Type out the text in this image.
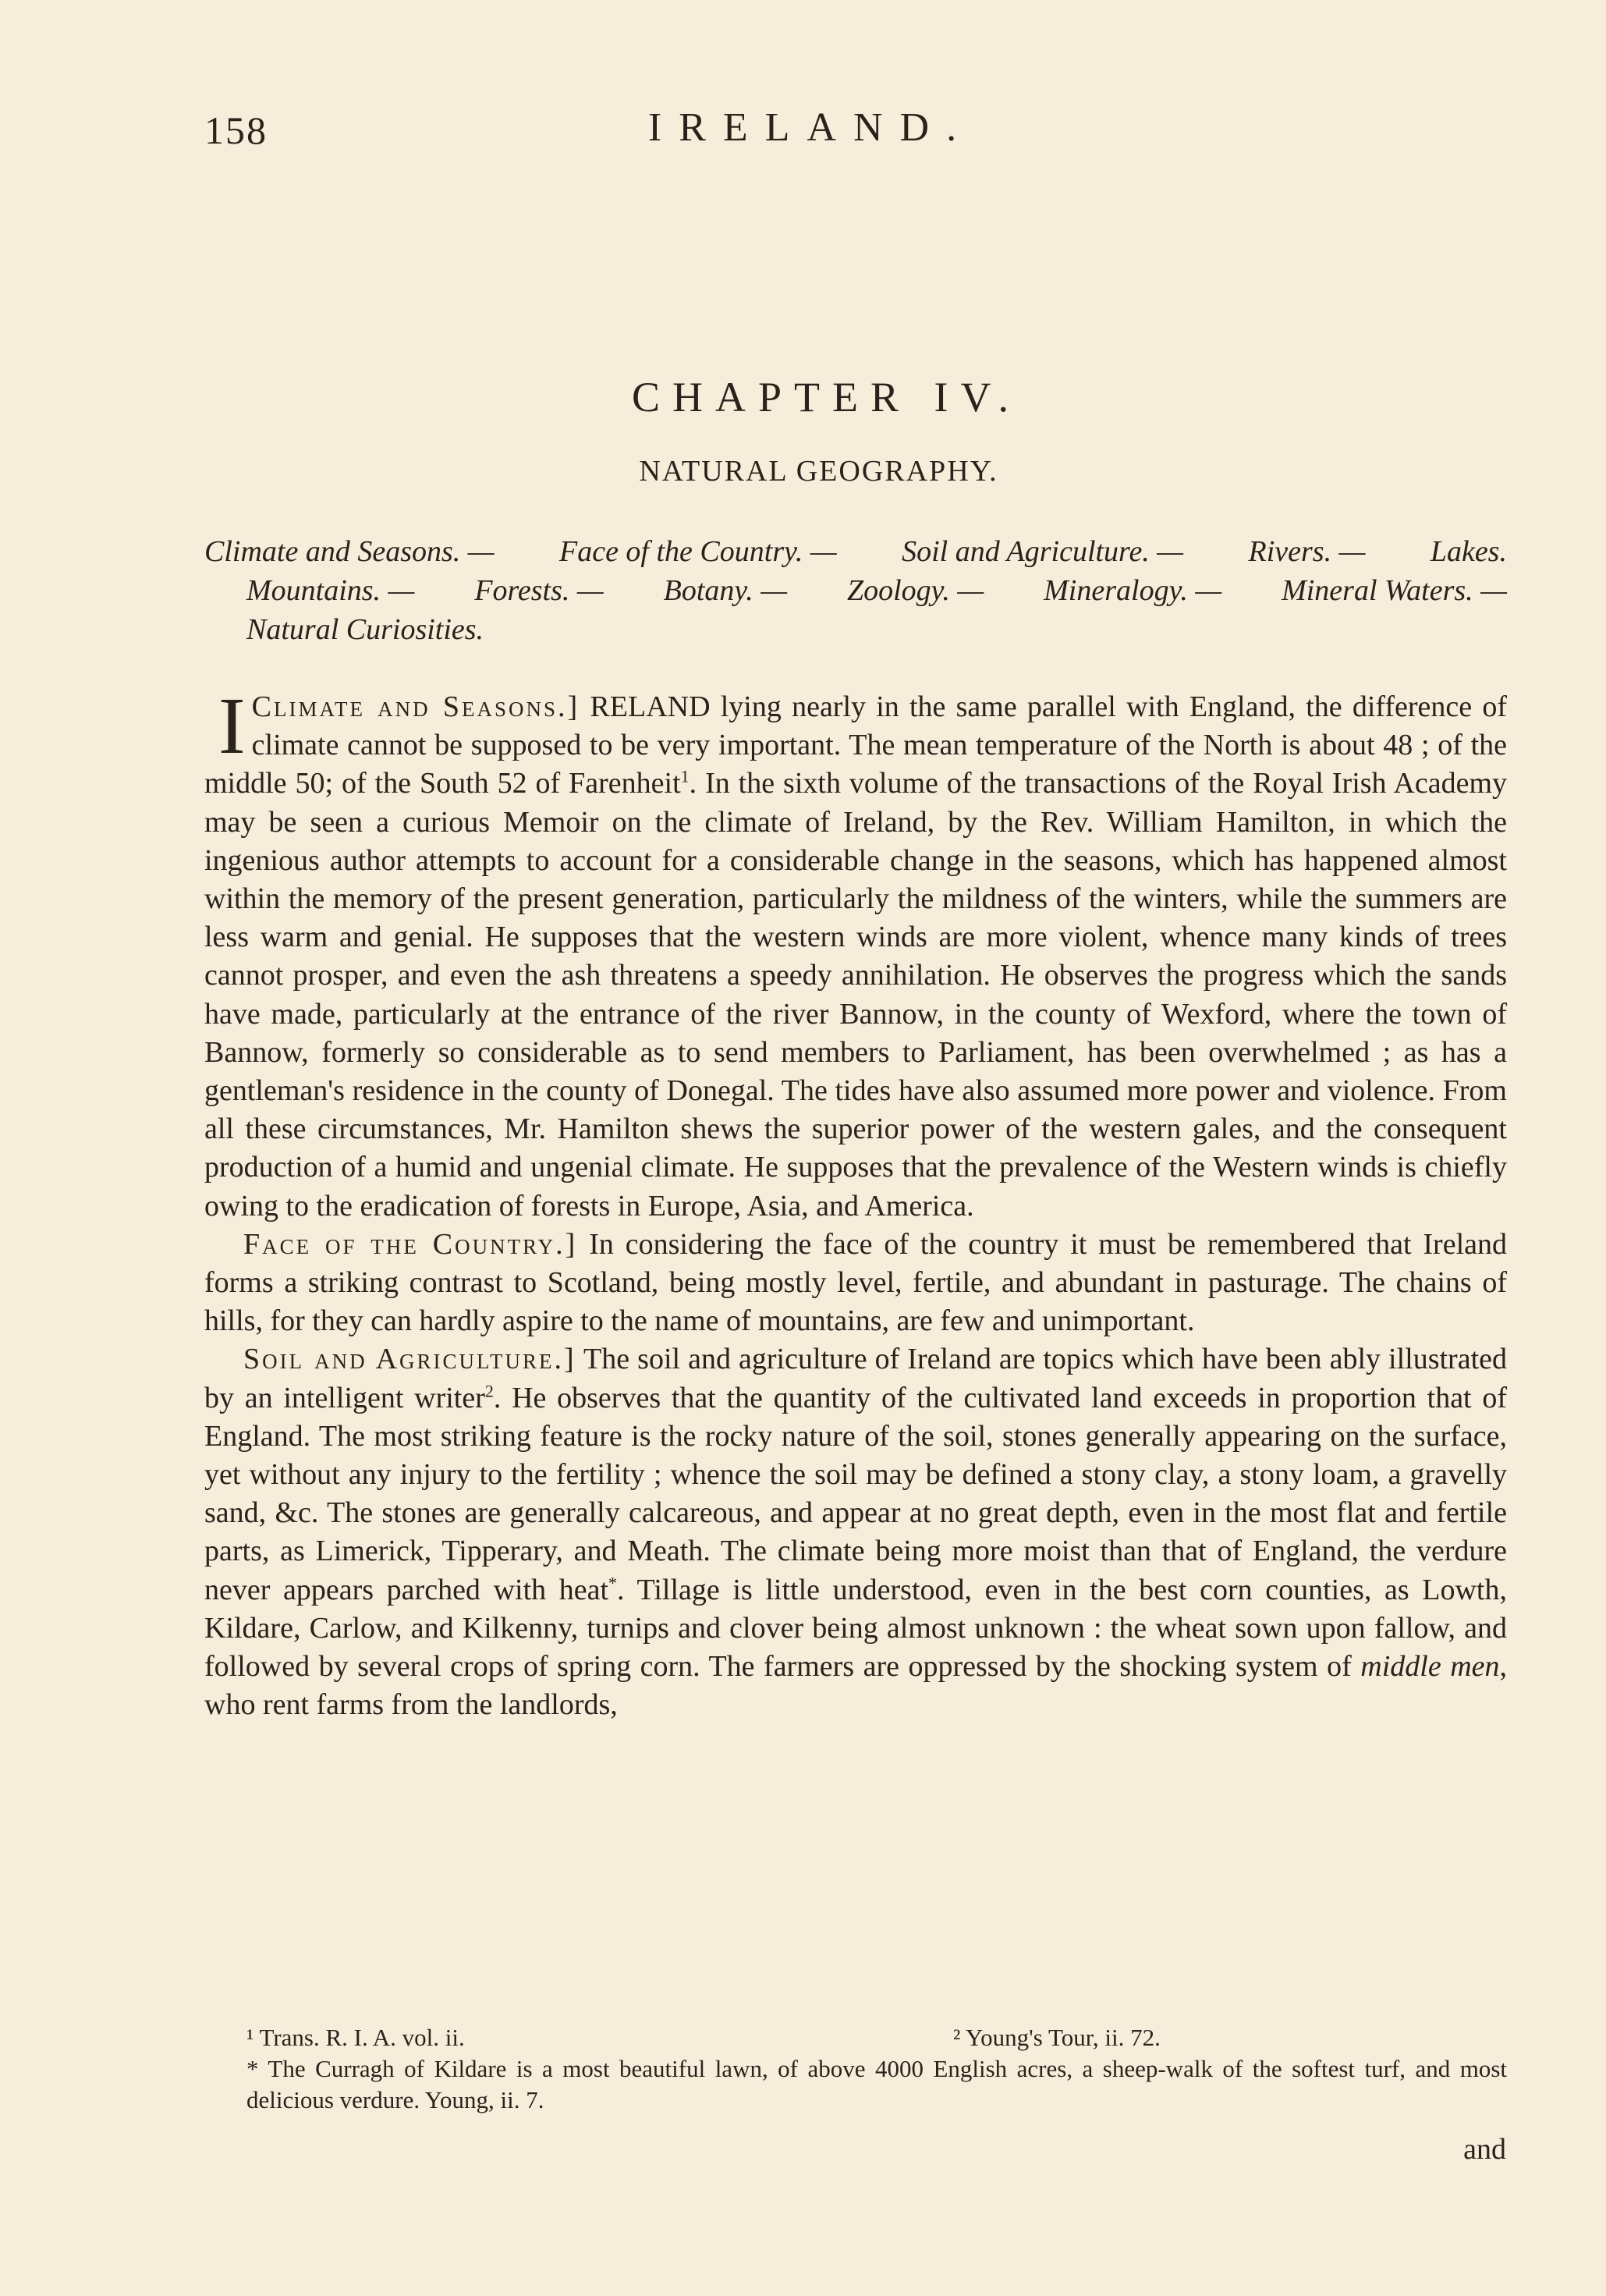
158	IRELAND.
CHAPTER IV.
NATURAL GEOGRAPHY.
Climate and Seasons. — Face of the Country. — Soil and Agriculture. — Rivers. — Lakes.
Mountains. — Forests. — Botany. — Zoology. — Mineralogy. — Mineral Waters. —
Natural Curiosities.

Climate and Seasons.]
I	RELAND lying nearly in the same parallel with England, the difference of climate cannot be supposed to be very important. The mean temperature of the North is about 48 ; of the middle 50; of the South 52 of Farenheit$^1$. In the sixth volume of the transactions of the Royal Irish Academy may be seen a curious Memoir on the climate of Ireland, by the Rev. William Hamilton, in which the ingenious author attempts to account for a considerable change in the seasons, which has happened almost within the memory of the present generation, particularly the mildness of the winters, while the summers are less warm and genial. He supposes that the western winds are more violent, whence many kinds of trees cannot prosper, and even the ash threatens a speedy annihilation. He observes the progress which the sands have made, particularly at the entrance of the river Bannow, in the county of Wexford, where the town of Bannow, formerly so considerable as to send members to Parliament, has been overwhelmed ; as has a gentleman's residence in the county of Donegal. The tides have also assumed more power and violence. From all these circumstances, Mr. Hamilton shews the superior power of the western gales, and the consequent production of a humid and ungenial climate. He supposes that the prevalence of the Western winds is chiefly owing to the eradication of forests in Europe, Asia, and America.

Face of the Country.] In considering the face of the country it must be remembered that Ireland forms a striking contrast to Scotland, being mostly level, fertile, and abundant in pasturage. The chains of hills, for they can hardly aspire to the name of mountains, are few and unimportant.

Soil and Agriculture.] The soil and agriculture of Ireland are topics which have been ably illustrated by an intelligent writer$^2$. He observes that the quantity of the cultivated land exceeds in proportion that of England. The most striking feature is the rocky nature of the soil, stones generally appearing on the surface, yet without any injury to the fertility ; whence the soil may be defined a stony clay, a stony loam, a gravelly sand, &c. The stones are generally calcareous, and appear at no great depth, even in the most flat and fertile parts, as Limerick, Tipperary, and Meath. The climate being more moist than that of England, the verdure never appears parched with heat*. Tillage is little understood, even in the best corn counties, as Lowth, Kildare, Carlow, and Kilkenny, turnips and clover being almost unknown : the wheat sown upon fallow, and followed by several crops of spring corn. The farmers are oppressed by the shocking system of middle men, who rent farms from the landlords,

¹ Trans. R. I. A. vol. ii.	² Young's Tour, ii. 72.
* The Curragh of Kildare is a most beautiful lawn, of above 4000 English acres, a sheep-walk of the softest turf, and most delicious verdure. Young, ii. 7.
and
